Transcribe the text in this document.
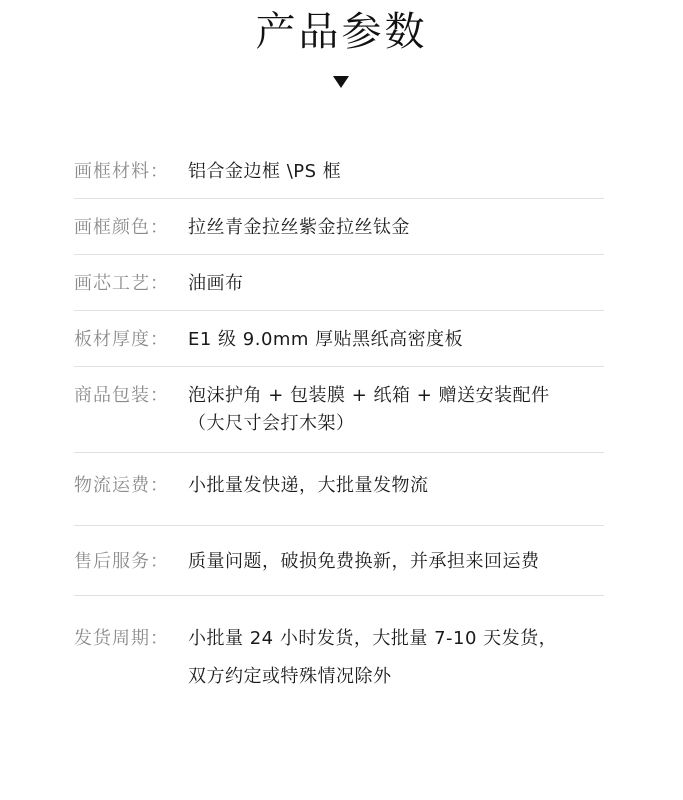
产品参数
画框材料：	铝合金边框 \PS 框
画框颜色：	拉丝青金拉丝紫金拉丝钛金
画芯工艺：	油画布
板材厚度：	E1 级 9.0mm 厚贴黑纸高密度板
商品包装：	泡沫护角 + 包装膜 + 纸箱 + 赠送安装配件
（大尺寸会打木架）
物流运费：	小批量发快递，大批量发物流
售后服务：	质量问题，破损免费换新，并承担来回运费
发货周期：	小批量 24 小时发货，大批量 7-10 天发货，
双方约定或特殊情况除外
